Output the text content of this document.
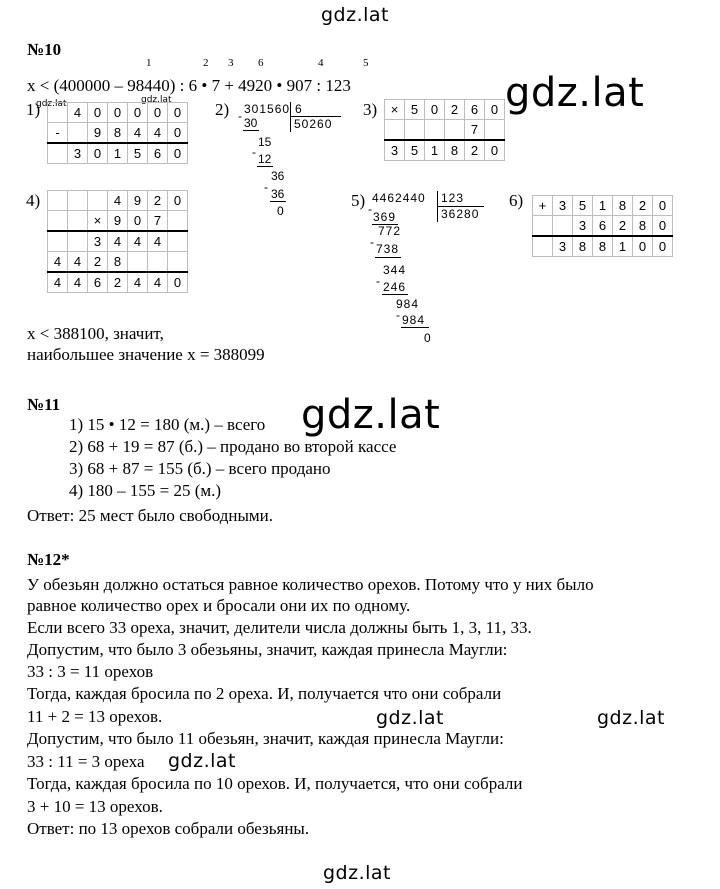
gdz.lat
gdz.lat
gdz.lat
gdz.lat	gdz.lat
gdz.lat	gdz.lat
gdz.lat
gdz.lat
№10
1	2 3 6	4	5
x < (400000 – 98440) : 6 • 7 + 4920 • 907 : 123
1)	2)	3)
4)	5)	6)
	4	0	0	0	0	0
-		9	8	4	4	0
	3	0	1	5	6	0
301560 6
50260
- 30
15
- 12
36
- 36
0
×	5	0	2	6	0
				7	
3	5	1	8	2	0
			4	9	2	0
		×	9	0	7	
		3	4	4	4	
4	4	2	8			
4	4	6	2	4	4	0
4462440 123
36280
-
369
772
- 738
344
- 246
984
- 984
0
+	3	5	1	8	2	0
		3	6	2	8	0
	3	8	8	1	0	0
x < 388100, значит,
наибольшее значение x = 388099
№11
1) 15 • 12 = 180 (м.) – всего
2) 68 + 19 = 87 (б.) – продано во второй кассе
3) 68 + 87 = 155 (б.) – всего продано
4) 180 – 155 = 25 (м.)
Ответ: 25 мест было свободными.
№12*
У обезьян должно остаться равное количество орехов. Потому что у них было
равное количество орех и бросали они их по одному.
Если всего 33 ореха, значит, делители числа должны быть 1, 3, 11, 33.
Допустим, что было 3 обезьяны, значит, каждая принесла Маугли:
33 : 3 = 11 орехов
Тогда, каждая бросила по 2 ореха. И, получается что они собрали
11 + 2 = 13 орехов.
Допустим, что было 11 обезьян, значит, каждая принесла Маугли:
33 : 11 = 3 ореха
Тогда, каждая бросила по 10 орехов. И, получается, что они собрали
3 + 10 = 13 орехов.
Ответ: по 13 орехов собрали обезьяны.
